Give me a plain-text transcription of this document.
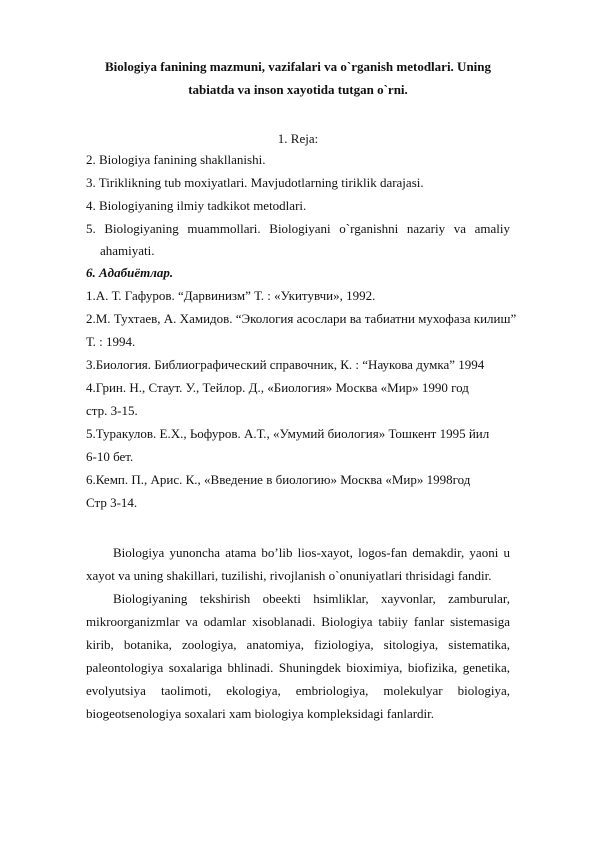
Biologiya fanining mazmuni, vazifalari va o`rganish metodlari. Uning
tabiatda va inson xayotida tutgan o`rni.
1. Reja:
2. Biologiya fanining shakllanishi.
3. Tiriklikning tub moxiyatlari. Mavjudotlarning tiriklik darajasi.
4. Biologiyaning ilmiy tadkikot metodlari.
5. Biologiyaning muammollari. Biologiyani o`rganishni nazariy va amaliy
ahamiyati.
6. Адабиётлар.
1.А. Т. Гафуров. “Дарвинизм” Т. : «Укитувчи», 1992.
2.М. Тухтаев, А. Хамидов. “Экология асослари ва табиатни мухофаза килиш”
Т. : 1994.
3.Биология. Библиографический справочник, К. : “Наукова думка” 1994
4.Грин. Н., Стаут. У., Тейлор. Д., «Биология» Москва «Мир» 1990 год
стр. 3-15.
5.Туракулов. Е.Х., Ьофуров. А.Т., «Умумий биология» Тошкент 1995 йил
6-10 бет.
6.Кемп. П., Арис. К., «Введение в биологию» Москва «Мир» 1998год
Стр 3-14.
Biologiya yunoncha atama bo’lib lios-xayot, logos-fan demakdir, yaoni u
xayot va uning shakillari, tuzilishi, rivojlanish o`onuniyatlari thrisidagi fandir.
Biologiyaning tekshirish obeekti hsimliklar, xayvonlar, zamburular,
mikroorganizmlar va odamlar xisoblanadi. Biologiya tabiiy fanlar sistemasiga
kirib, botanika, zoologiya, anatomiya, fiziologiya, sitologiya, sistematika,
paleontologiya soxalariga bhlinadi. Shuningdek bioximiya, biofizika, genetika,
evolyutsiya taolimoti, ekologiya, embriologiya, molekulyar biologiya,
biogeotsenologiya soxalari xam biologiya kompleksidagi fanlardir.
